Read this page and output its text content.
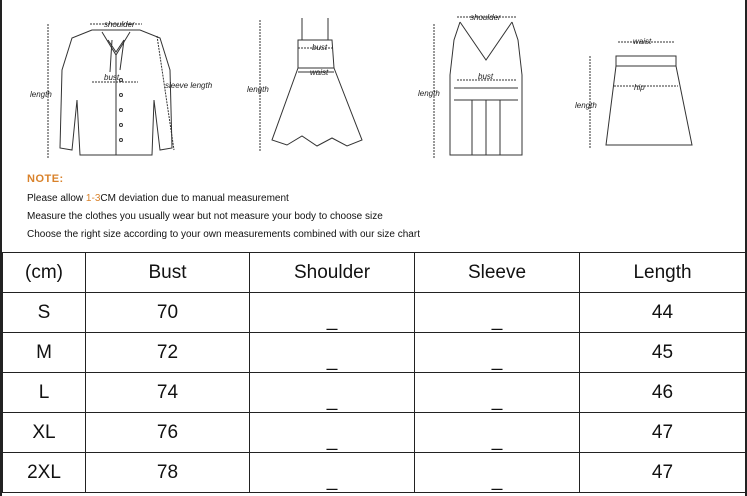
shoulder
bust
sleeve length
length
bust
waist
length
shoulder
bust
length
waist
hip
length
NOTE:
Please allow 1-3CM deviation due to manual measurement
Measure the clothes you usually wear but not measure your body to choose size
Choose the right size according to your own measurements combined with our size chart
(cm)	Bust	Shoulder	Sleeve	Length
S	70	_	_	44
M	72	_	_	45
L	74	_	_	46
XL	76	_	_	47
2XL	78	_	_	47
